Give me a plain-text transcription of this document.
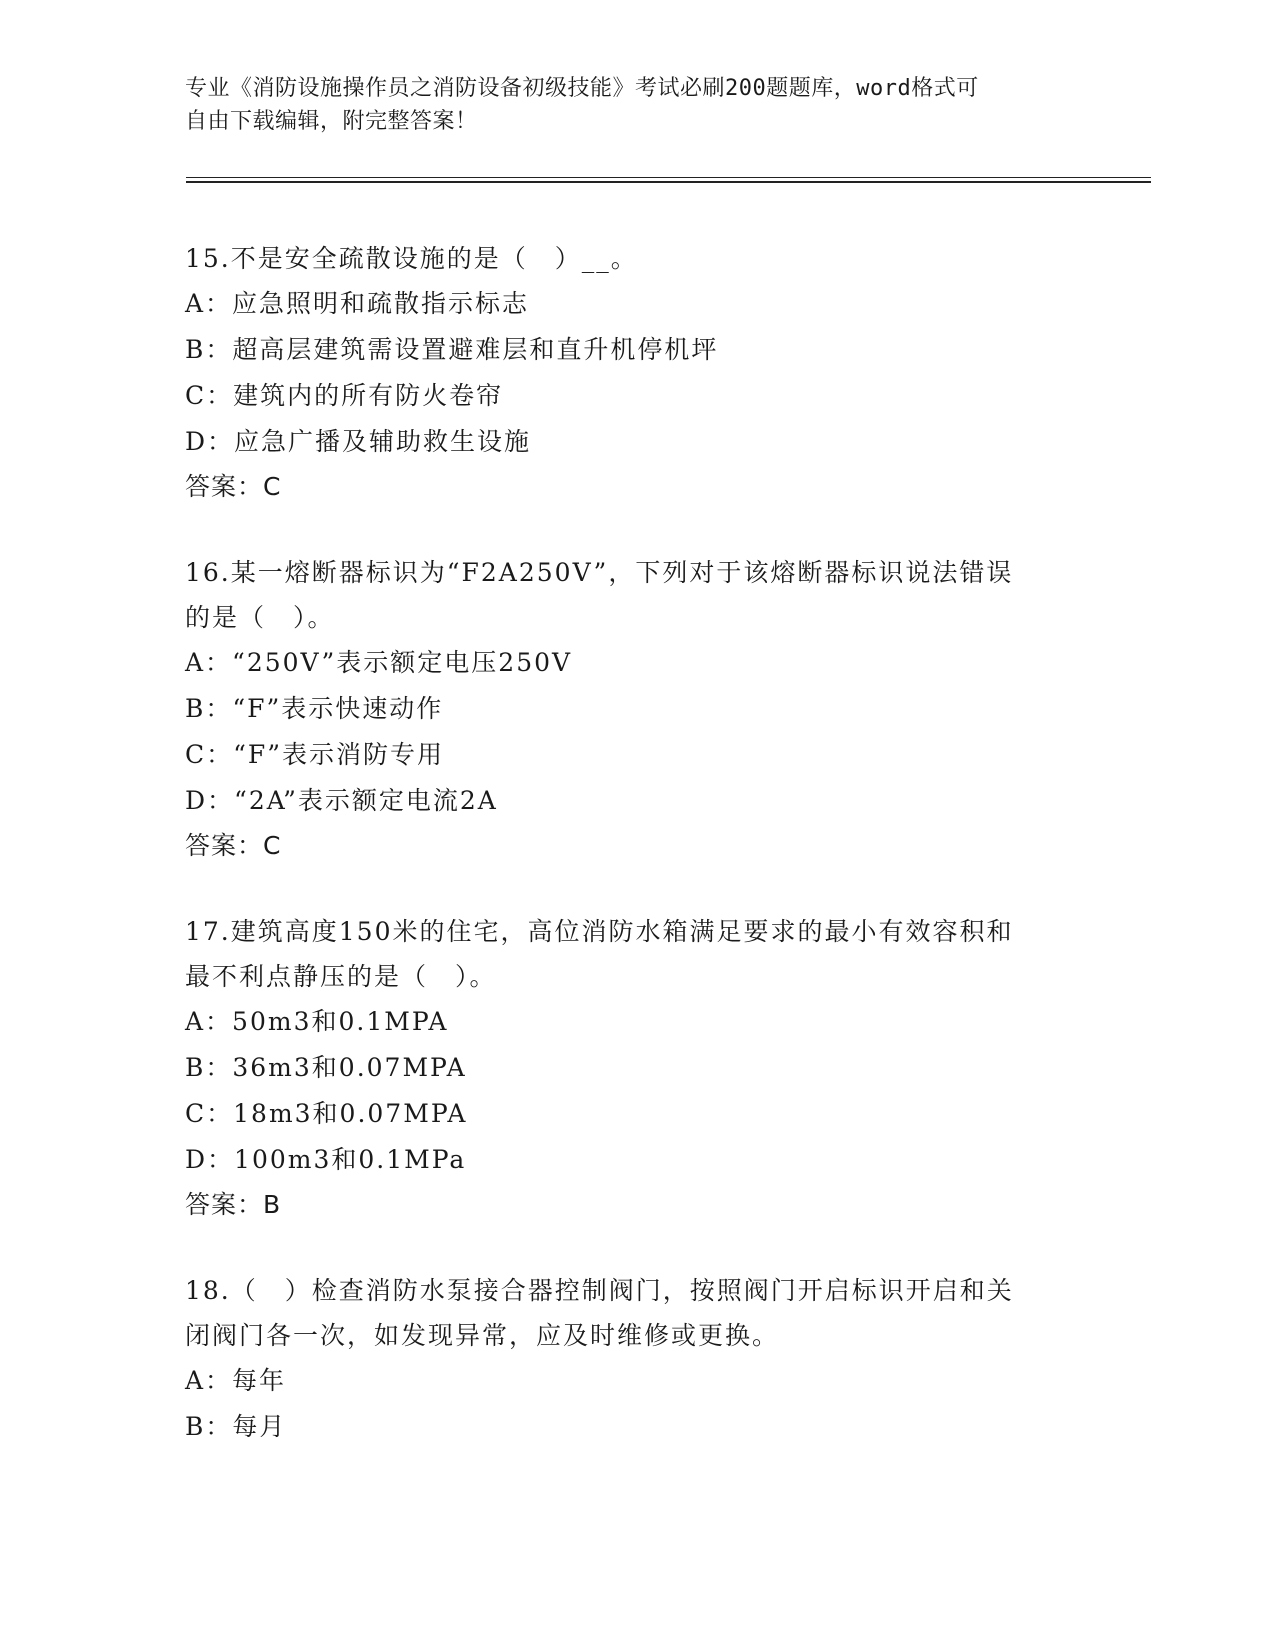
专业《消防设施操作员之消防设备初级技能》考试必刷200题题库，word格式可
自由下载编辑，附完整答案！
15.不是安全疏散设施的是（　）__。
A：应急照明和疏散指示标志
B：超高层建筑需设置避难层和直升机停机坪
C：建筑内的所有防火卷帘
D：应急广播及辅助救生设施
答案：C
16.某一熔断器标识为“F2A250V”，下列对于该熔断器标识说法错误
的是（　）。
A：“250V”表示额定电压250V
B：“F”表示快速动作
C：“F”表示消防专用
D：“2A”表示额定电流2A
答案：C
17.建筑高度150米的住宅，高位消防水箱满足要求的最小有效容积和
最不利点静压的是（　）。
A：50m3和0.1MPA
B：36m3和0.07MPA
C：18m3和0.07MPA
D：100m3和0.1MPa
答案：B
18.（　）检查消防水泵接合器控制阀门，按照阀门开启标识开启和关
闭阀门各一次，如发现异常，应及时维修或更换。
A：每年
B：每月
